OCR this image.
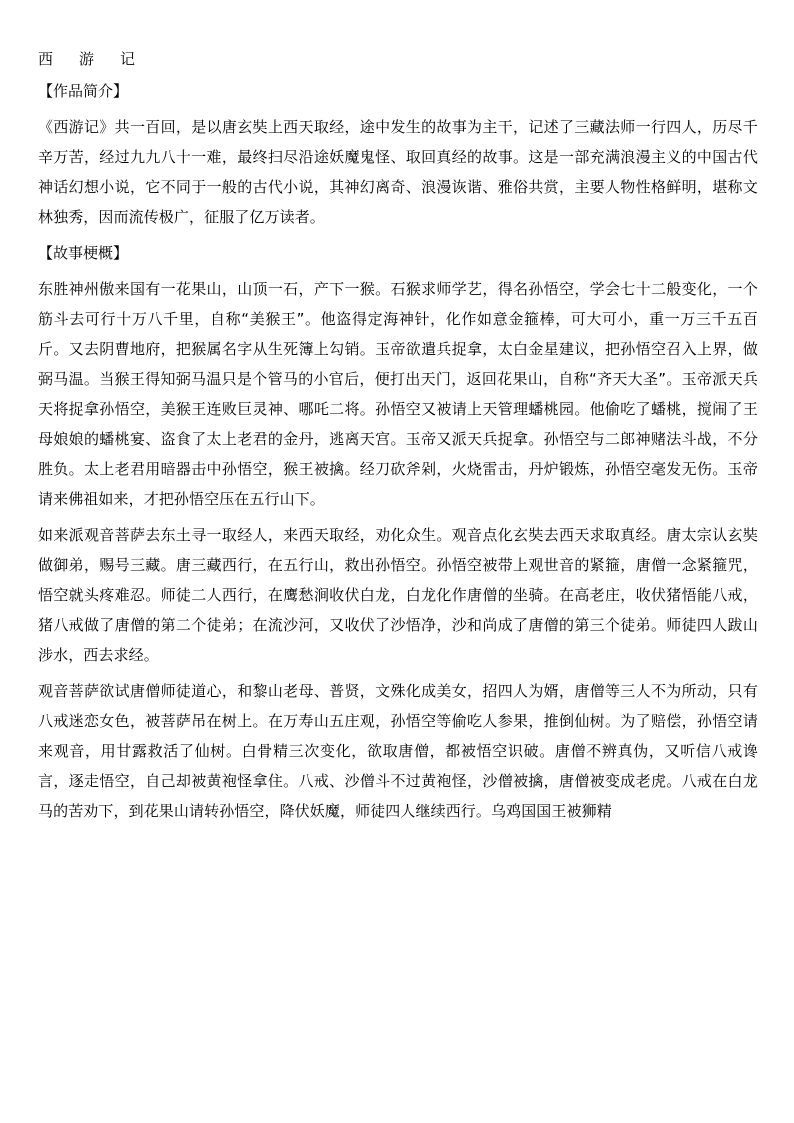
西 游 记
【作品简介】

《西游记》共一百回，是以唐玄奘上西天取经，途中发生的故事为主干，记述了三藏法师一行四人，历尽千辛万苦，经过九九八十一难，最终扫尽沿途妖魔鬼怪、取回真经的故事。这是一部充满浪漫主义的中国古代神话幻想小说，它不同于一般的古代小说，其神幻离奇、浪漫诙谐、雅俗共赏，主要人物性格鲜明，堪称文林独秀，因而流传极广，征服了亿万读者。

【故事梗概】

东胜神州傲来国有一花果山，山顶一石，产下一猴。石猴求师学艺，得名孙悟空，学会七十二般变化，一个筋斗去可行十万八千里，自称“美猴王”。他盗得定海神针，化作如意金箍棒，可大可小，重一万三千五百斤。又去阴曹地府，把猴属名字从生死簿上勾销。玉帝欲遣兵捉拿，太白金星建议，把孙悟空召入上界，做弼马温。当猴王得知弼马温只是个管马的小官后，便打出天门，返回花果山，自称“齐天大圣”。玉帝派天兵天将捉拿孙悟空，美猴王连败巨灵神、哪吒二将。孙悟空又被请上天管理蟠桃园。他偷吃了蟠桃，搅闹了王母娘娘的蟠桃宴、盗食了太上老君的金丹，逃离天宫。玉帝又派天兵捉拿。孙悟空与二郎神赌法斗战，不分胜负。太上老君用暗器击中孙悟空，猴王被擒。经刀砍斧剁，火烧雷击，丹炉锻炼，孙悟空毫发无伤。玉帝请来佛祖如来，才把孙悟空压在五行山下。

如来派观音菩萨去东土寻一取经人，来西天取经，劝化众生。观音点化玄奘去西天求取真经。唐太宗认玄奘做御弟，赐号三藏。唐三藏西行，在五行山，救出孙悟空。孙悟空被带上观世音的紧箍，唐僧一念紧箍咒，悟空就头疼难忍。师徒二人西行，在鹰愁涧收伏白龙，白龙化作唐僧的坐骑。在高老庄，收伏猪悟能八戒，猪八戒做了唐僧的第二个徒弟；在流沙河，又收伏了沙悟净，沙和尚成了唐僧的第三个徒弟。师徒四人跋山涉水，西去求经。

观音菩萨欲试唐僧师徒道心，和黎山老母、普贤，文殊化成美女，招四人为婿，唐僧等三人不为所动，只有八戒迷恋女色，被菩萨吊在树上。在万寿山五庄观，孙悟空等偷吃人参果，推倒仙树。为了赔偿，孙悟空请来观音，用甘露救活了仙树。白骨精三次变化，欲取唐僧，都被悟空识破。唐僧不辨真伪，又听信八戒谗言，逐走悟空，自己却被黄袍怪拿住。八戒、沙僧斗不过黄袍怪，沙僧被擒，唐僧被变成老虎。八戒在白龙马的苦劝下，到花果山请转孙悟空，降伏妖魔，师徒四人继续西行。乌鸡国国王被狮精
